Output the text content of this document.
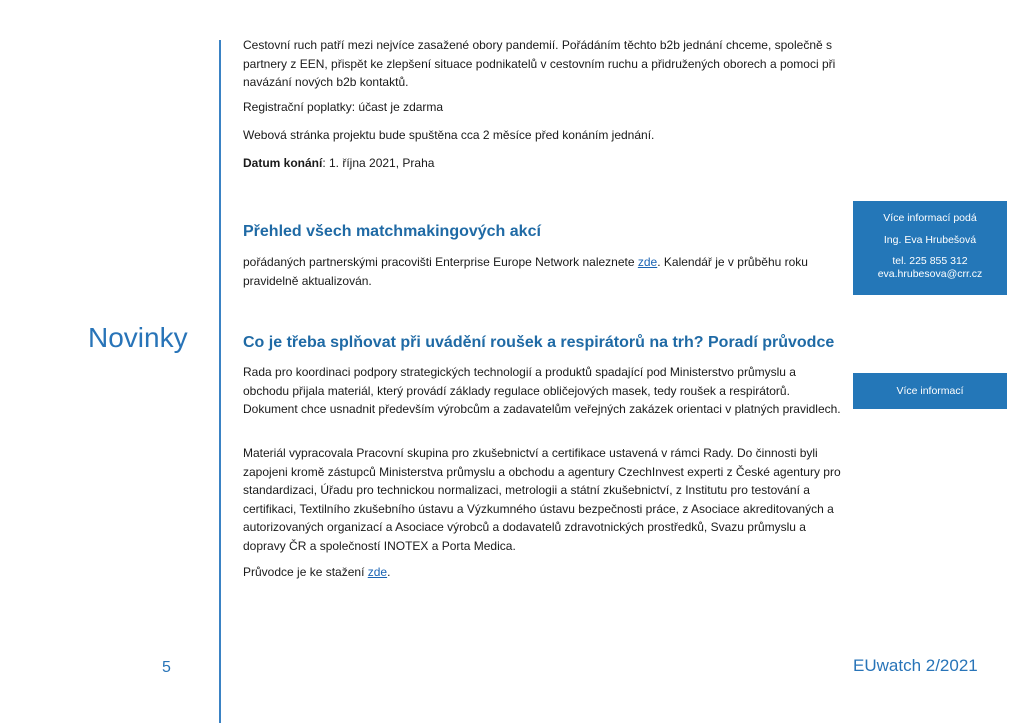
Novinky

Cestovní ruch patří mezi nejvíce zasažené obory pandemií. Pořádáním těchto b2b jednání chceme, společně s partnery z EEN, přispět ke zlepšení situace podnikatelů v cestovním ruchu a přidružených oborech a pomoci při navázání nových b2b kontaktů.

Registrační poplatky: účast je zdarma

Webová stránka projektu bude spuštěna cca 2 měsíce před konáním jednání.

Datum konání: 1. října 2021, Praha

Přehled všech matchmakingových akcí

pořádaných partnerskými pracovišti Enterprise Europe Network naleznete zde. Kalendář je v průběhu roku pravidelně aktualizován.

Co je třeba splňovat při uvádění roušek a respirátorů na trh? Poradí průvodce

Rada pro koordinaci podpory strategických technologií a produktů spadající pod Ministerstvo průmyslu a obchodu přijala materiál, který provádí základy regulace obličejových masek, tedy roušek a respirátorů. Dokument chce usnadnit především výrobcům a zadavatelům veřejných zakázek orientaci v platných pravidlech.

Materiál vypracovala Pracovní skupina pro zkušebnictví a certifikace ustavená v rámci Rady. Do činnosti byli zapojeni kromě zástupců Ministerstva průmyslu a obchodu a agentury CzechInvest experti z České agentury pro standardizaci, Úřadu pro technickou normalizaci, metrologii a státní zkušebnictví, z Institutu pro testování a certifikaci, Textilního zkušebního ústavu a Výzkumného ústavu bezpečnosti práce, z Asociace akreditovaných a autorizovaných organizací a Asociace výrobců a dodavatelů zdravotnických prostředků, Svazu průmyslu a dopravy ČR a společností INOTEX a Porta Medica.

Průvodce je ke stažení zde.

Více informací podá
Ing. Eva Hrubešová
tel. 225 855 312
eva.hrubesova@crr.cz
Více informací
5	EUwatch 2/2021
